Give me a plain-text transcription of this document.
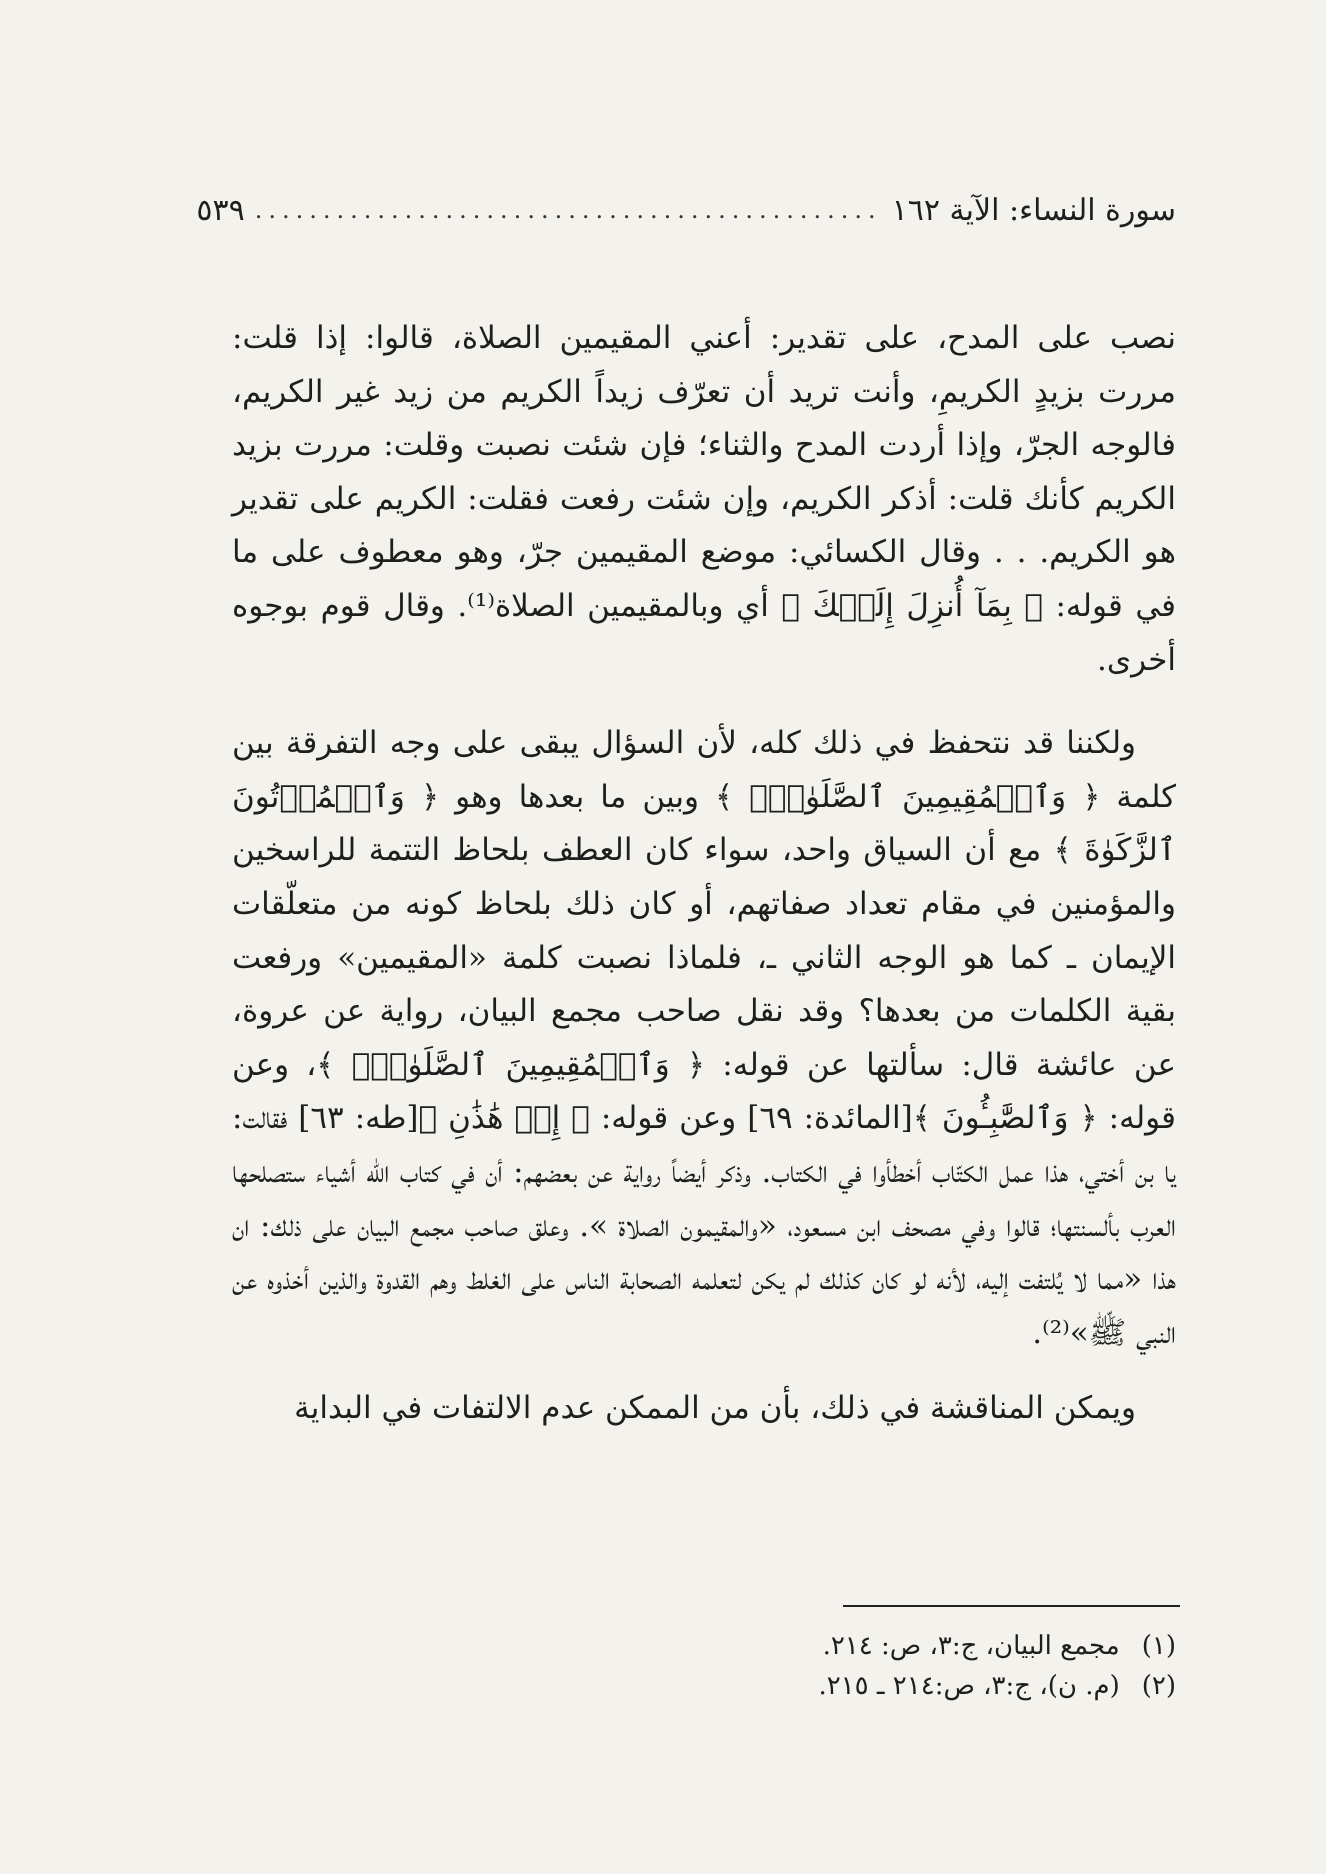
سورة النساء: الآية ١٦٢
..............................................
٥٣٩

نصب على المدح، على تقدير: أعني المقيمين الصلاة، قالوا: إذا قلت: مررت بزيدٍ الكريمِ، وأنت تريد أن تعرّف زيداً الكريم من زيد غير الكريم، فالوجه الجرّ، وإذا أردت المدح والثناء؛ فإن شئت نصبت وقلت: مررت بزيد الكريم كأنك قلت: أذكر الكريم، وإن شئت رفعت فقلت: الكريم على تقدير هو الكريم. . . وقال الكسائي: موضع المقيمين جرّ، وهو معطوف على ما في قوله: ﴿ بِمَآ أُنزِلَ إِلَيۡكَ ﴾ أي وبالمقيمين الصلاة⁽¹⁾. وقال قوم بوجوه أخرى.

ولكننا قد نتحفظ في ذلك كله، لأن السؤال يبقى على وجه التفرقة بين كلمة ﴿ وَٱلۡمُقِيمِينَ ٱلصَّلَوٰةَۚ ﴾ وبين ما بعدها وهو ﴿ وَٱلۡمُؤۡتُونَ ٱلزَّكَوٰةَ ﴾ مع أن السياق واحد، سواء كان العطف بلحاظ التتمة للراسخين والمؤمنين في مقام تعداد صفاتهم، أو كان ذلك بلحاظ كونه من متعلّقات الإيمان ـ كما هو الوجه الثاني ـ، فلماذا نصبت كلمة «المقيمين» ورفعت بقية الكلمات من بعدها؟ وقد نقل صاحب مجمع البيان، رواية عن عروة، عن عائشة قال: سألتها عن قوله: ﴿ وَٱلۡمُقِيمِينَ ٱلصَّلَوٰةَۚ ﴾، وعن قوله: ﴿ وَٱلصَّٰبِـُٔونَ ﴾[المائدة: ٦٩] وعن قوله: ﴿ إِنۡ هَٰذَٰنِ ﴾[طه: ٦٣] فقالت: يا بن أختي، هذا عمل الكتّاب أخطأوا في الكتاب. وذكر أيضاً رواية عن بعضهم: أن في كتاب الله أشياء ستصلحها العرب بألسنتها؛ قالوا وفي مصحف ابن مسعود، «والمقيمون الصلاة ». وعلق صاحب مجمع البيان على ذلك: ان هذا «مما لا يُلتفت إليه، لأنه لو كان كذلك لم يكن لتعلمه الصحابة الناس على الغلط وهم القدوة والذين أخذوه عن النبي ﷺ»⁽²⁾.

ويمكن المناقشة في ذلك، بأن من الممكن عدم الالتفات في البداية

(١) مجمع البيان، ج:٣، ص: ٢١٤.
(٢) (م. ن)، ج:٣، ص:٢١٤ ـ ٢١٥.
